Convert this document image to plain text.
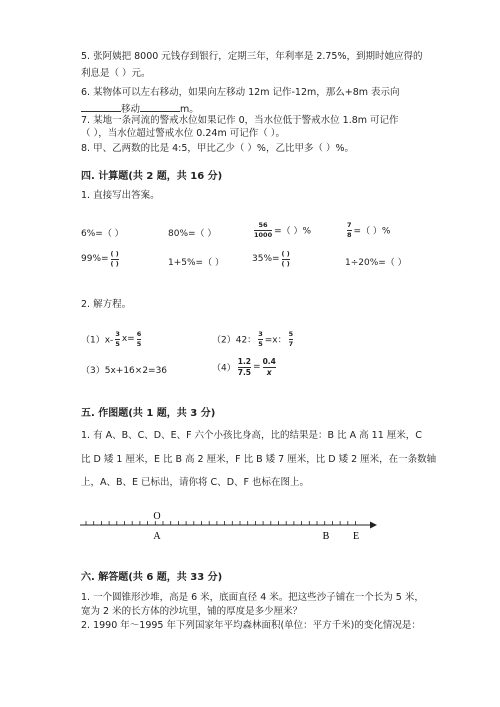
5. 张阿姨把 8000 元钱存到银行，定期三年，年利率是 2.75%，到期时她应得的
利息是（ ）元。
6. 某物体可以左右移动，如果向左移动 12m 记作-12m，那么+8m 表示向
移动	m。
7. 某地一条河流的警戒水位如果记作 0，当水位低于警戒水位 1.8m 可记作
（ ），当水位超过警戒水位 0.24m 可记作（ ）。
8. 甲、乙两数的比是 4:5，甲比乙少（ ）%，乙比甲多（ ）%。
四. 计算题(共 2 题，共 16 分)
1. 直接写出答案。
6%=（ ）	80%=（ ）	$\frac{56}{1000}$ =（ ）%	$\frac{7}{8}$ =（ ）%
$99\%= \frac{( )}{( )}$	1+5%=（ ）	$35\%= \frac{( )}{( )}$	1÷20%=（ ）
2. 解方程。
$(1)x- \frac{3}{5} x= \frac{6}{5}$	（2）42： $\frac{3}{5} =x$： $\frac{5}{7}$
（3）5x+16×2=36	$(4) \frac{1.2}{7.5} = \frac{0.4}{x}$
五. 作图题(共 1 题，共 3 分)
1. 有 A、B、C、D、E、F 六个小孩比身高，比的结果是：B 比 A 高 11 厘米，C
比 D 矮 1 厘米，E 比 B 高 2 厘米，F 比 B 矮 7 厘米，比 D 矮 2 厘米，在一条数轴
上，A、B、E 已标出，请你将 C、D、F 也标在图上。
O
A	B E
六. 解答题(共 6 题，共 33 分)
1. 一个圆锥形沙堆，高是 6 米，底面直径 4 米。把这些沙子铺在一个长为 5 米，
宽为 2 米的长方体的沙坑里，铺的厚度是多少厘米？
2. 1990 年～1995 年下列国家年平均森林面积(单位：平方千米)的变化情况是：
